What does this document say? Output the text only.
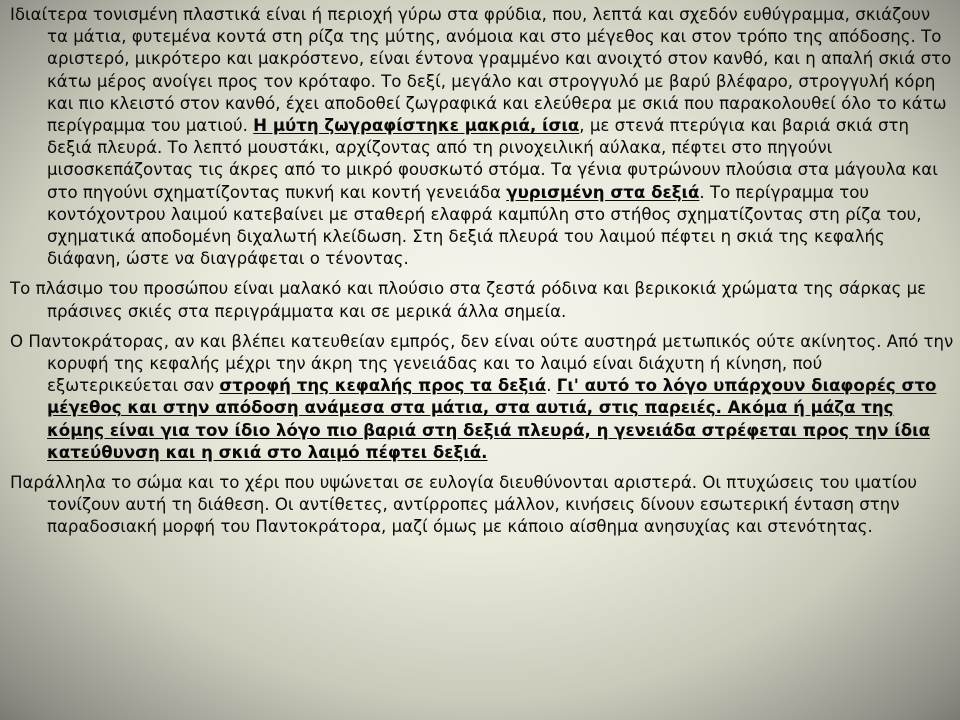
Ιδιαίτερα τονισμένη πλαστικά είναι ή περιοχή γύρω στα φρύδια, που, λεπτά και σχεδόν ευθύγραμμα, σκιάζουν τα μάτια, φυτεμένα κοντά στη ρίζα της μύτης, ανόμοια και στο μέγεθος και στον τρόπο της απόδοσης. Το αριστερό, μικρότερο και μακρόστενο, είναι έντονα γραμμένο και ανοιχτό στον κανθό, και η απαλή σκιά στο κάτω μέρος ανοίγει προς τον κρόταφο. Το δεξί, μεγάλο και στρογγυλό με βαρύ βλέφαρο, στρογγυλή κόρη και πιο κλειστό στον κανθό, έχει αποδοθεί ζωγραφικά και ελεύθερα με σκιά που παρακολουθεί όλο το κάτω περίγραμμα του ματιού. Η μύτη ζωγραφίστηκε μακριά, ίσια, με στενά πτερύγια και βαριά σκιά στη δεξιά πλευρά. Το λεπτό μουστάκι, αρχίζοντας από τη ρινοχειλική αύλακα, πέφτει στο πηγούνι μισοσκεπάζοντας τις άκρες από το μικρό φουσκωτό στόμα. Τα γένια φυτρώνουν πλούσια στα μάγουλα και στο πηγούνι σχηματίζοντας πυκνή και κοντή γενειάδα γυρισμένη στα δεξιά. Το περίγραμμα του κοντόχοντρου λαιμού κατεβαίνει με σταθερή ελαφρά καμπύλη στο στήθος σχηματίζοντας στη ρίζα του, σχηματικά αποδομένη διχαλωτή κλείδωση. Στη δεξιά πλευρά του λαιμού πέφτει η σκιά της κεφαλής διάφανη, ώστε να διαγράφεται ο τένοντας.

Το πλάσιμο του προσώπου είναι μαλακό και πλούσιο στα ζεστά ρόδινα και βερικοκιά χρώματα της σάρκας με πράσινες σκιές στα περιγράμματα και σε μερικά άλλα σημεία.

Ο Παντοκράτορας, αν και βλέπει κατευθείαν εμπρός, δεν είναι ούτε αυστηρά μετωπικός ούτε ακίνητος. Από την κορυφή της κεφαλής μέχρι την άκρη της γενειάδας και το λαιμό είναι διάχυτη ή κίνηση, πού εξωτερικεύεται σαν στροφή της κεφαλής προς τα δεξιά. Γι' αυτό το λόγο υπάρχουν διαφορές στο μέγεθος και στην απόδοση ανάμεσα στα μάτια, στα αυτιά, στις παρειές. Ακόμα ή μάζα της κόμης είναι για τον ίδιο λόγο πιο βαριά στη δεξιά πλευρά, η γενειάδα στρέφεται προς την ίδια κατεύθυνση και η σκιά στο λαιμό πέφτει δεξιά.

Παράλληλα το σώμα και το χέρι που υψώνεται σε ευλογία διευθύνονται αριστερά. Οι πτυχώσεις του ιματίου τονίζουν αυτή τη διάθεση. Οι αντίθετες, αντίρροπες μάλλον, κινήσεις δίνουν εσωτερική ένταση στην παραδοσιακή μορφή του Παντοκράτορα, μαζί όμως με κάποιο αίσθημα ανησυχίας και στενότητας.
